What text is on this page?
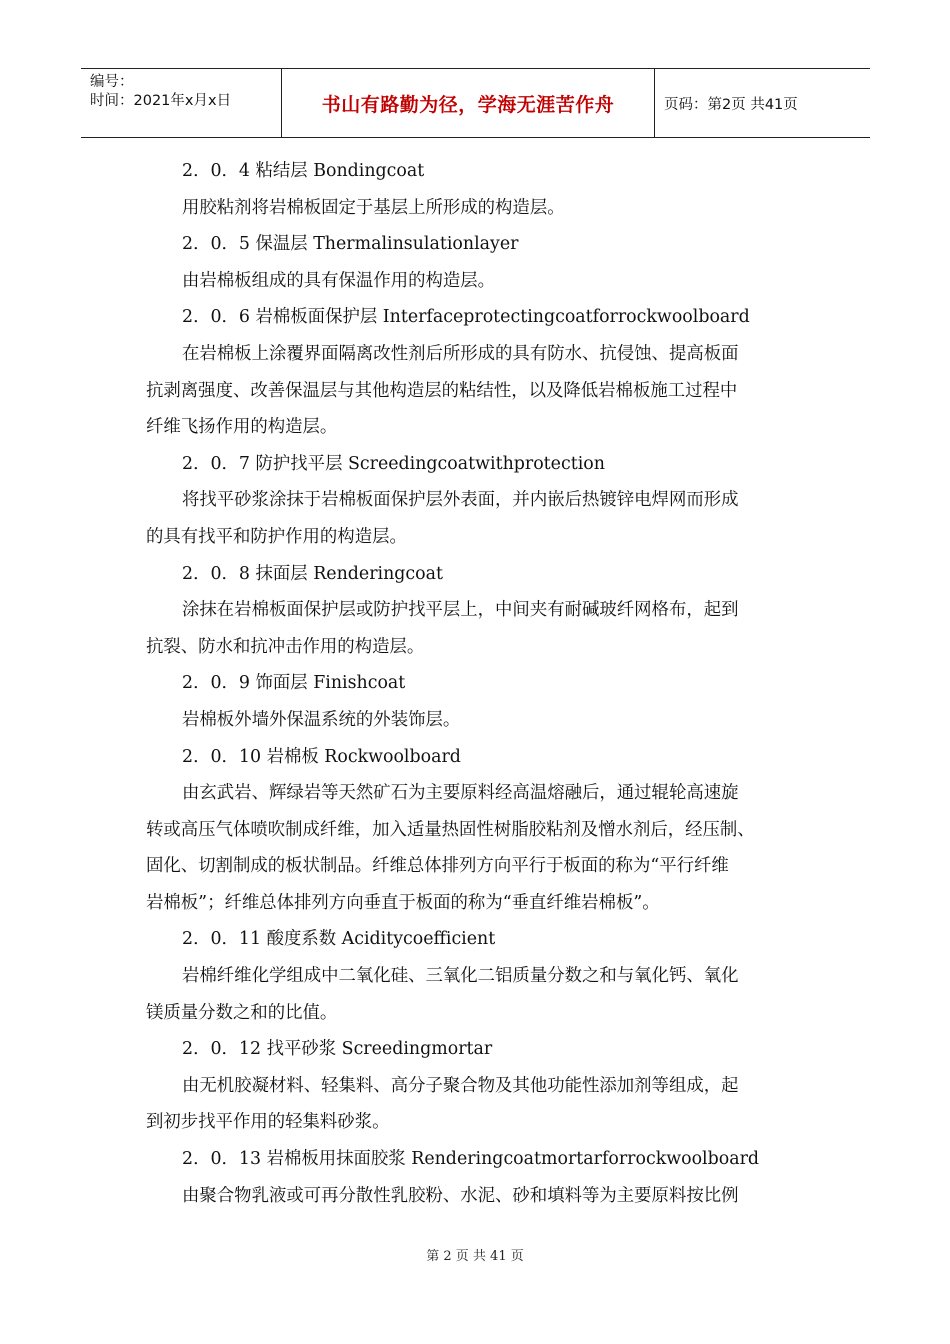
编号：
时间：2021年x月x日	书山有路勤为径，学海无涯苦作舟	页码：第2页 共41页
2．0．4 粘结层 Bondingcoat
用胶粘剂将岩棉板固定于基层上所形成的构造层。
2．0．5 保温层 Thermalinsulationlayer
由岩棉板组成的具有保温作用的构造层。
2．0．6 岩棉板面保护层 Interfaceprotectingcoatforrockwoolboard
在岩棉板上涂覆界面隔离改性剂后所形成的具有防水、抗侵蚀、提高板面
抗剥离强度、改善保温层与其他构造层的粘结性，以及降低岩棉板施工过程中
纤维飞扬作用的构造层。
2．0．7 防护找平层 Screedingcoatwithprotection
将找平砂浆涂抹于岩棉板面保护层外表面，并内嵌后热镀锌电焊网而形成
的具有找平和防护作用的构造层。
2．0．8 抹面层 Renderingcoat
涂抹在岩棉板面保护层或防护找平层上，中间夹有耐碱玻纤网格布，起到
抗裂、防水和抗冲击作用的构造层。
2．0．9 饰面层 Finishcoat
岩棉板外墙外保温系统的外装饰层。
2．0．10 岩棉板 Rockwoolboard
由玄武岩、辉绿岩等天然矿石为主要原料经高温熔融后，通过辊轮高速旋
转或高压气体喷吹制成纤维，加入适量热固性树脂胶粘剂及憎水剂后，经压制、
固化、切割制成的板状制品。纤维总体排列方向平行于板面的称为“平行纤维
岩棉板”；纤维总体排列方向垂直于板面的称为“垂直纤维岩棉板”。
2．0．11 酸度系数 Aciditycoefficient
岩棉纤维化学组成中二氧化硅、三氧化二铝质量分数之和与氧化钙、氧化
镁质量分数之和的比值。
2．0．12 找平砂浆 Screedingmortar
由无机胶凝材料、轻集料、高分子聚合物及其他功能性添加剂等组成，起
到初步找平作用的轻集料砂浆。
2．0．13 岩棉板用抹面胶浆 Renderingcoatmortarforrockwoolboard
由聚合物乳液或可再分散性乳胶粉、水泥、砂和填料等为主要原料按比例
第 2 页 共 41 页
